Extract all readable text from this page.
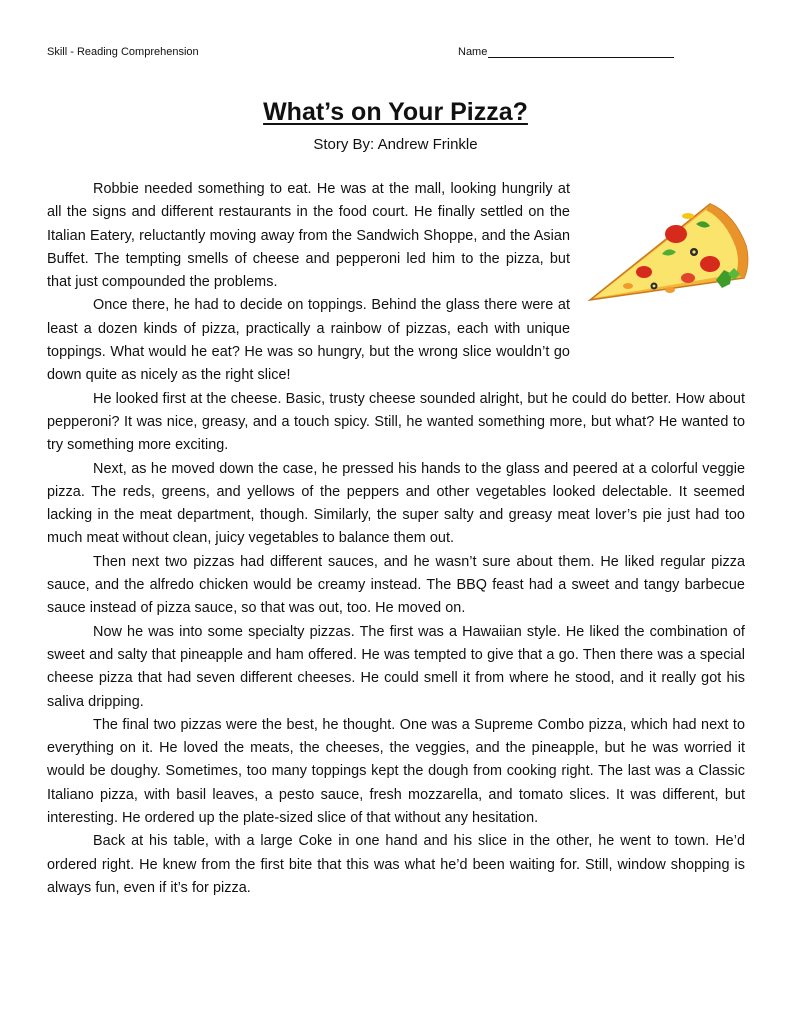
Skill - Reading Comprehension	Name
What’s on Your Pizza?
Story By: Andrew Frinkle

Robbie needed something to eat. He was at the mall, looking hungrily at all the signs and different restaurants in the food court. He finally settled on the Italian Eatery, reluctantly moving away from the Sandwich Shoppe, and the Asian Buffet. The tempting smells of cheese and pepperoni led him to the pizza, but that just compounded the problems.

Once there, he had to decide on toppings. Behind the glass there were at least a dozen kinds of pizza, practically a rainbow of pizzas, each with unique toppings. What would he eat? He was so hungry, but the wrong slice wouldn’t go down quite as nicely as the right slice!

He looked first at the cheese. Basic, trusty cheese sounded alright, but he could do better. How about pepperoni? It was nice, greasy, and a touch spicy. Still, he wanted something more, but what? He wanted to try something more exciting.

Next, as he moved down the case, he pressed his hands to the glass and peered at a colorful veggie pizza. The reds, greens, and yellows of the peppers and other vegetables looked delectable. It seemed lacking in the meat department, though. Similarly, the super salty and greasy meat lover’s pie just had too much meat without clean, juicy vegetables to balance them out.

Then next two pizzas had different sauces, and he wasn’t sure about them. He liked regular pizza sauce, and the alfredo chicken would be creamy instead. The BBQ feast had a sweet and tangy barbecue sauce instead of pizza sauce, so that was out, too. He moved on.

Now he was into some specialty pizzas. The first was a Hawaiian style. He liked the combination of sweet and salty that pineapple and ham offered. He was tempted to give that a go. Then there was a special cheese pizza that had seven different cheeses. He could smell it from where he stood, and it really got his saliva dripping.

The final two pizzas were the best, he thought. One was a Supreme Combo pizza, which had next to everything on it. He loved the meats, the cheeses, the veggies, and the pineapple, but he was worried it would be doughy. Sometimes, too many toppings kept the dough from cooking right. The last was a Classic Italiano pizza, with basil leaves, a pesto sauce, fresh mozzarella, and tomato slices. It was different, but interesting. He ordered up the plate-sized slice of that without any hesitation.

Back at his table, with a large Coke in one hand and his slice in the other, he went to town. He’d ordered right. He knew from the first bite that this was what he’d been waiting for. Still, window shopping is always fun, even if it’s for pizza.
